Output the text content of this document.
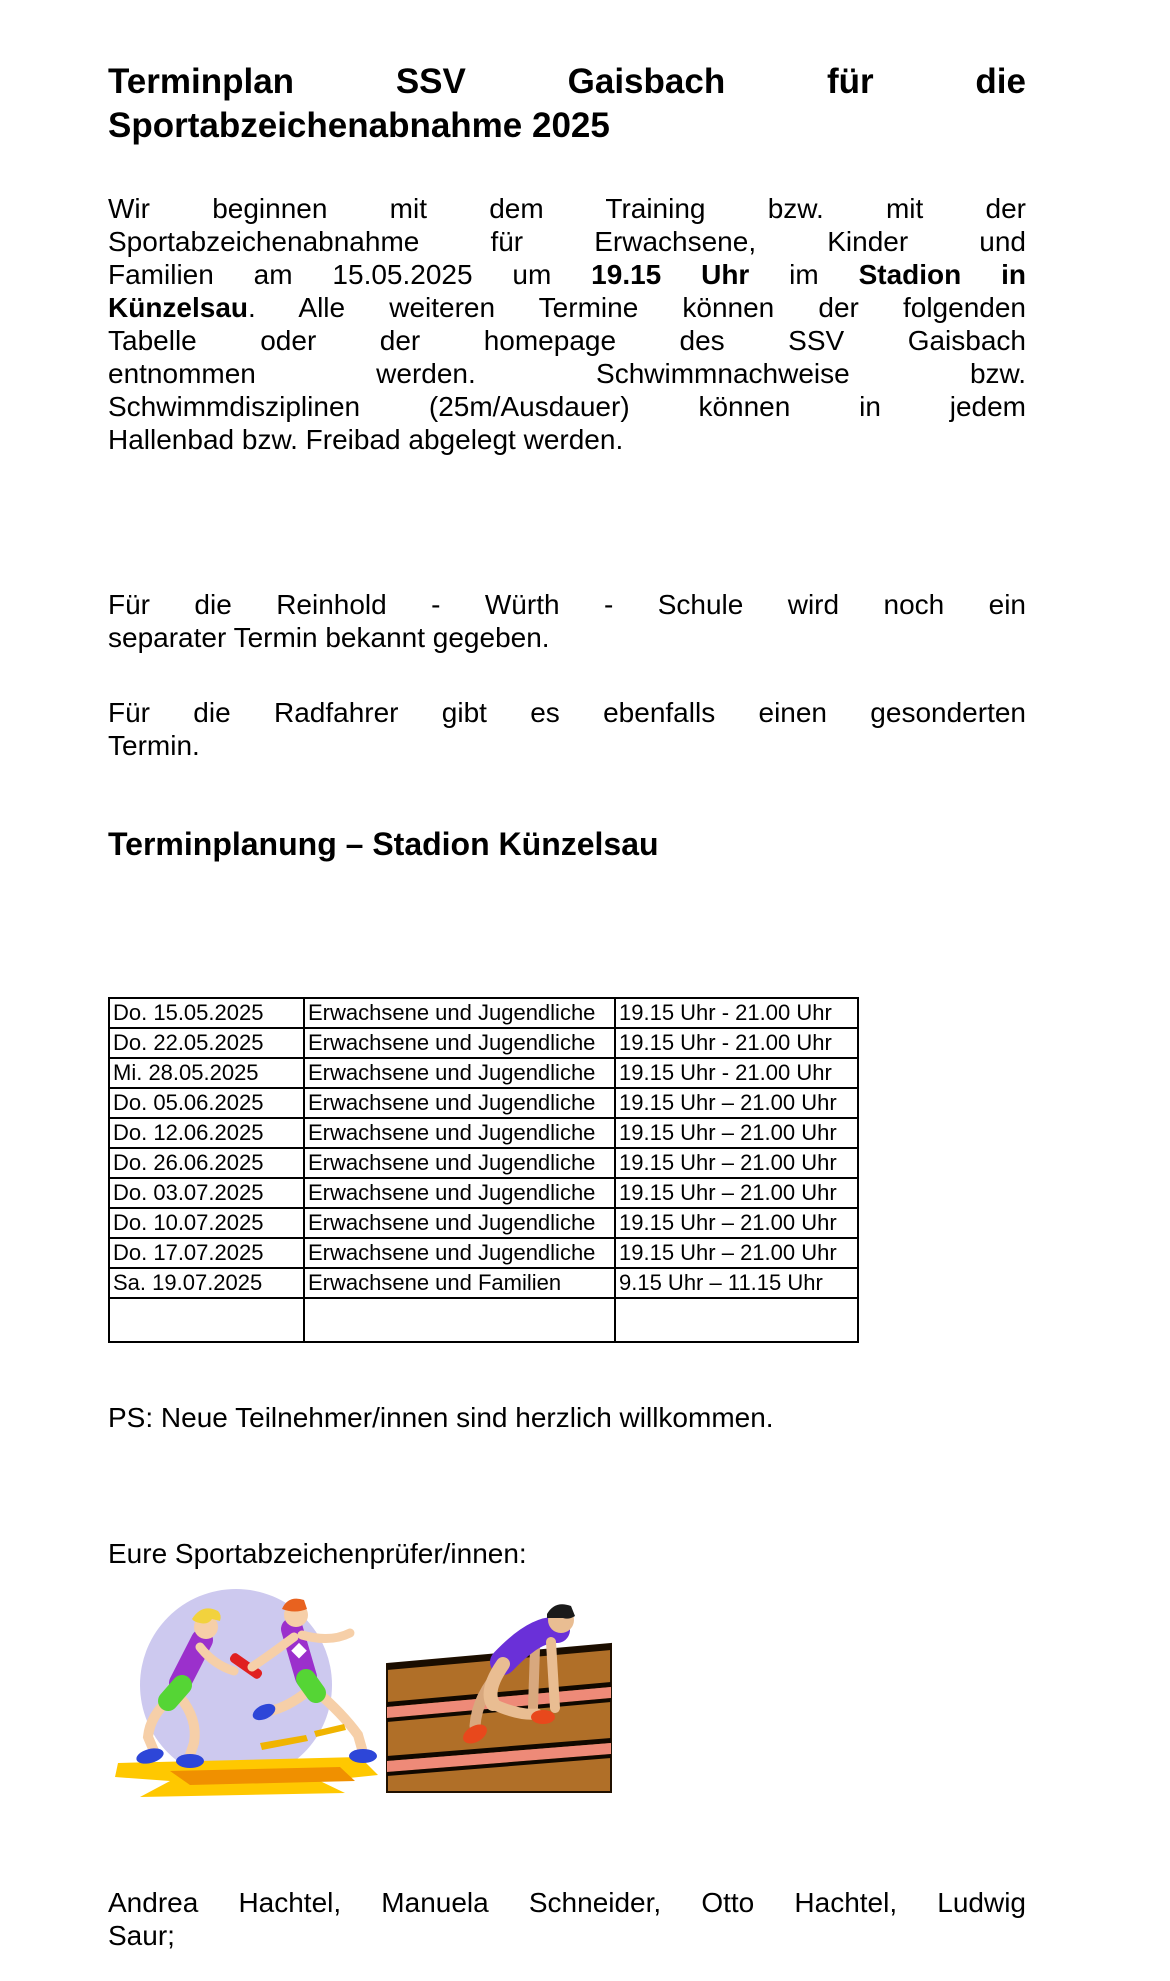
Terminplan SSV Gaisbach für die
Sportabzeichenabnahme 2025
Wir beginnen mit dem Training bzw. mit der
Sportabzeichenabnahme für Erwachsene, Kinder und
Familien am 15.05.2025 um 19.15 Uhr im Stadion in
Künzelsau. Alle weiteren Termine können der folgenden
Tabelle oder der homepage des SSV Gaisbach
entnommen werden. Schwimmnachweise bzw.
Schwimmdisziplinen (25m/Ausdauer) können in jedem
Hallenbad bzw. Freibad abgelegt werden.
Für die Reinhold - Würth - Schule wird noch ein
separater Termin bekannt gegeben.
Für die Radfahrer gibt es ebenfalls einen gesonderten
Termin.
Terminplanung – Stadion Künzelsau
Do. 15.05.2025	Erwachsene und Jugendliche	19.15 Uhr - 21.00 Uhr
Do. 22.05.2025	Erwachsene und Jugendliche	19.15 Uhr - 21.00 Uhr
Mi. 28.05.2025	Erwachsene und Jugendliche	19.15 Uhr - 21.00 Uhr
Do. 05.06.2025	Erwachsene und Jugendliche	19.15 Uhr – 21.00 Uhr
Do. 12.06.2025	Erwachsene und Jugendliche	19.15 Uhr – 21.00 Uhr
Do. 26.06.2025	Erwachsene und Jugendliche	19.15 Uhr – 21.00 Uhr
Do. 03.07.2025	Erwachsene und Jugendliche	19.15 Uhr – 21.00 Uhr
Do. 10.07.2025	Erwachsene und Jugendliche	19.15 Uhr – 21.00 Uhr
Do. 17.07.2025	Erwachsene und Jugendliche	19.15 Uhr – 21.00 Uhr
Sa. 19.07.2025	Erwachsene und Familien	9.15 Uhr – 11.15 Uhr

PS: Neue Teilnehmer/innen sind herzlich willkommen.
Eure Sportabzeichenprüfer/innen:
Andrea Hachtel, Manuela Schneider, Otto Hachtel, Ludwig
Saur;
